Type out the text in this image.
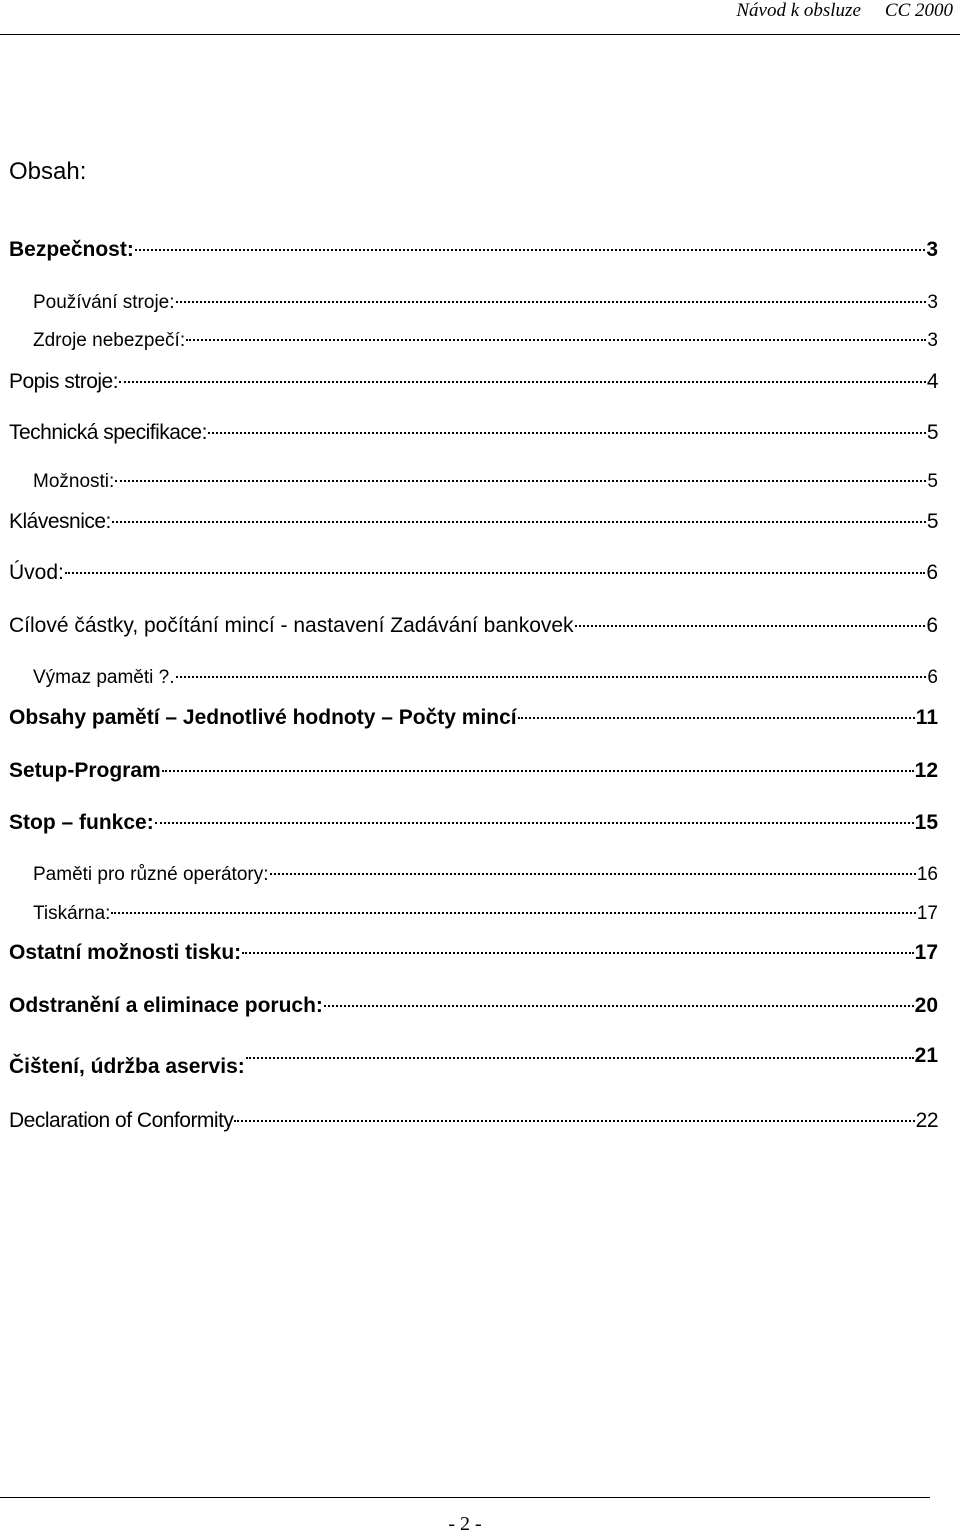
Návod k obsluze CC 2000
Obsah:
Bezpečnost:	3
Používání stroje:	3
Zdroje nebezpečí:	3
Popis stroje:	4
Technická specifikace:	5
Možnosti:	5
Klávesnice:	5
Úvod:	6
Cílové částky, počítání mincí - nastavení Zadávání bankovek	6
Výmaz paměti ?.	6
Obsahy pamětí – Jednotlivé hodnoty – Počty mincí	11
Setup-Program	12
Stop – funkce:	15
Paměti pro různé operátory:	16
Tiskárna:	17
Ostatní možnosti tisku:	17
Odstranění a eliminace poruch:	20
Čištení, údržba aservis:	21
Declaration of Conformity	22
- 2 -
